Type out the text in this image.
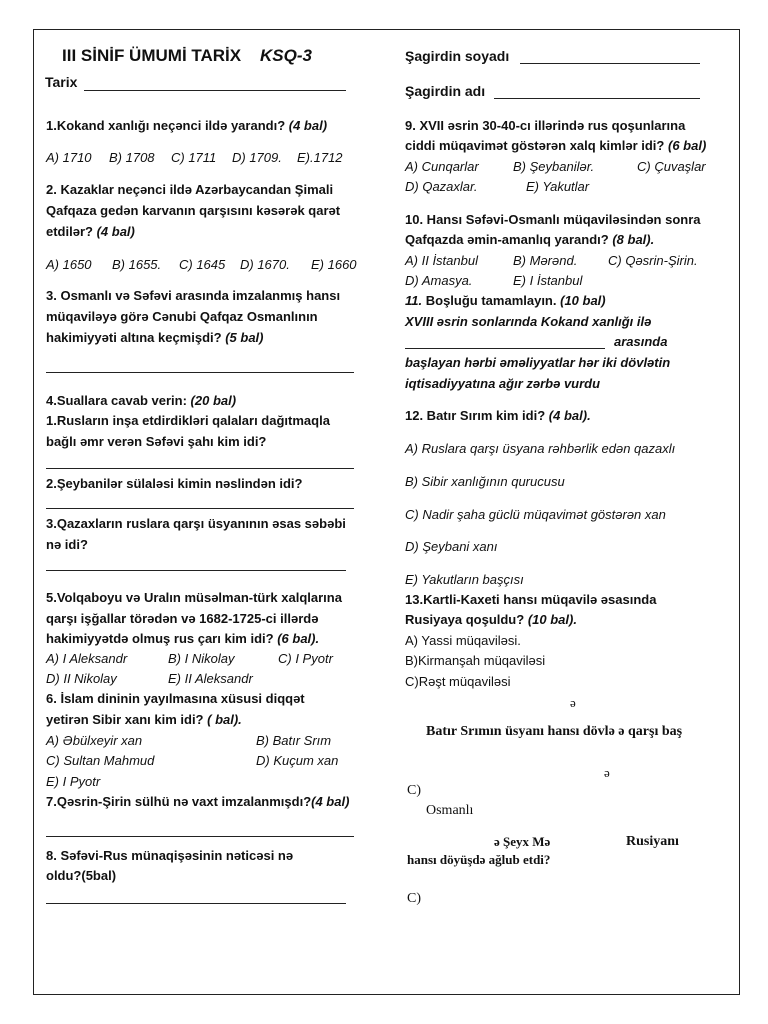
III SİNİF ÜMUMİ TARİX KSQ-3
Tarix
Şagirdin soyadı
Şagirdin adı
1.Kokand xanlığı neçənci ildə yarandı? (4 bal)
A) 1710 B) 1708 C) 1711 D) 1709. E).1712
2. Kazaklar neçənci ildə Azərbaycandan Şimali
Qafqaza gedən karvanın qarşısını kəsərək qarət
etdilər? (4 bal)
A) 1650 B) 1655. C) 1645 D) 1670. E) 1660
3. Osmanlı və Səfəvi arasında imzalanmış hansı
müqaviləyə görə Cənubi Qafqaz Osmanlının
hakimiyyəti altına keçmişdi? (5 bal)
4.Suallara cavab verin: (20 bal)
1.Rusların inşa etdirdikləri qalaları dağıtmaqla
bağlı əmr verən Səfəvi şahı kim idi?
2.Şeybanilər sülaləsi kimin nəslindən idi?
3.Qazaxların ruslara qarşı üsyanının əsas səbəbi
nə idi?
5.Volqaboyu və Uralın müsəlman-türk xalqlarına
qarşı işğallar törədən və 1682-1725-ci illərdə
hakimiyyətdə olmuş rus çarı kim idi? (6 bal).
A) I Aleksandr	B) I Nikolay	C) I Pyotr
D) II Nikolay	E) II Aleksandr
6. İslam dininin yayılmasına xüsusi diqqət
yetirən Sibir xanı kim idi? ( bal).
A) Əbülxeyir xan	B) Batır Srım
C) Sultan Mahmud	D) Kuçum xan
E) I Pyotr
7.Qəsrin-Şirin sülhü nə vaxt imzalanmışdı?(4 bal)
8. Səfəvi-Rus münaqişəsinin nəticəsi nə
oldu?(5bal)
9. XVII əsrin 30-40-cı illərində rus qoşunlarına
ciddi müqavimət göstərən xalq kimlər idi? (6 bal)
A) Cunqarlar	B) Şeybanilər.	C) Çuvaşlar
D) Qazaxlar.	E) Yakutlar
10. Hansı Səfəvi-Osmanlı müqaviləsindən sonra
Qafqazda əmin-amanlıq yarandı? (8 bal).
A) II İstanbul	B) Mərənd. C) Qəsrin-Şirin.
D) Amasya.	E) I İstanbul
11. Boşluğu tamamlayın. (10 bal)
XVIII əsrin sonlarında Kokand xanlığı ilə
arasında
başlayan hərbi əməliyyatlar hər iki dövlətin
iqtisadiyyatına ağır zərbə vurdu
12. Batır Sırım kim idi? (4 bal).
A) Ruslara qarşı üsyana rəhbərlik edən qazaxlı
B) Sibir xanlığının qurucusu
C) Nadir şaha güclü müqavimət göstərən xan
D) Şeybani xanı
E) Yakutların başçısı
13.Kartli-Kaxeti hansı müqavilə əsasında
Rusiyaya qoşuldu? (10 bal).
A) Yassi müqaviləsi.
B)Kirmanşah müqaviləsi
C)Rəşt müqaviləsi
ə
Batır Srımın üsyanı hansı dövlə ə qarşı baş
ə
C)
Osmanlı
ə Şeyx Mə	Rusiyanı
hansı döyüşdə ağlub etdi?
C)
